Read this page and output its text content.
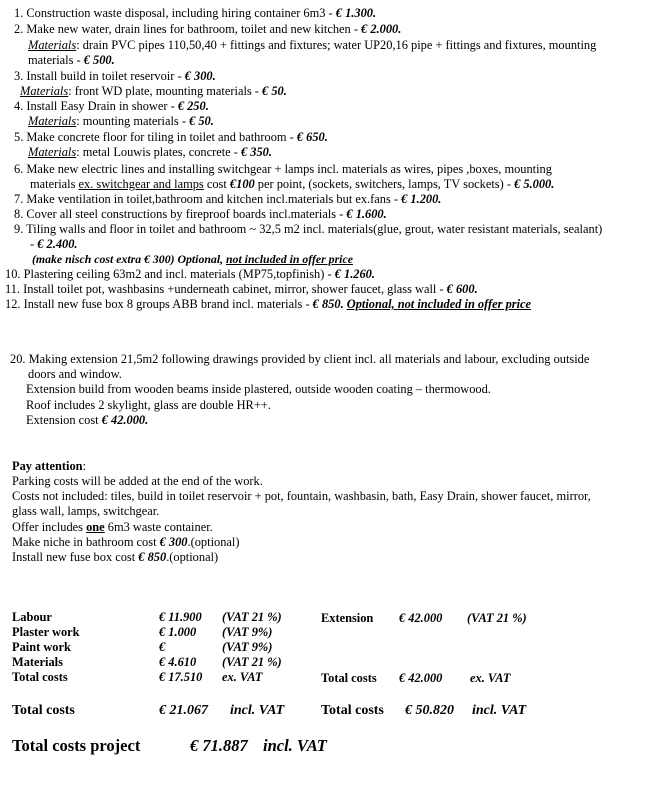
1. Construction waste disposal, including hiring container 6m3 - € 1.300.
2. Make new water, drain lines for bathroom, toilet and new kitchen - € 2.000.
Materials: drain PVC pipes 110,50,40 + fittings and fixtures; water UP20,16 pipe + fittings and fixtures, mounting
materials - € 500.
3. Install build in toilet reservoir - € 300.
Materials: front WD plate, mounting materials - € 50.
4. Install Easy Drain in shower - € 250.
Materials: mounting materials - € 50.
5. Make concrete floor for tiling in toilet and bathroom - € 650.
Materials: metal Louwis plates, concrete - € 350.
6. Make new electric lines and installing switchgear + lamps incl. materials as wires, pipes ,boxes, mounting
materials ex. switchgear and lamps cost €100 per point, (sockets, switchers, lamps, TV sockets) - € 5.000.
7. Make ventilation in toilet,bathroom and kitchen incl.materials but ex.fans - € 1.200.
8. Cover all steel constructions by fireproof boards incl.materials - € 1.600.
9. Tiling walls and floor in toilet and bathroom ~ 32,5 m2 incl. materials(glue, grout, water resistant materials, sealant)
- € 2.400.
(make nisch cost extra € 300) Optional, not included in offer price
10. Plastering ceiling 63m2 and incl. materials (MP75,topfinish) - € 1.260.
11. Install toilet pot, washbasins +underneath cabinet, mirror, shower faucet, glass wall - € 600.
12. Install new fuse box 8 groups ABB brand incl. materials - € 850. Optional, not included in offer price
20. Making extension 21,5m2 following drawings provided by client incl. all materials and labour, excluding outside
doors and window.
Extension build from wooden beams inside plastered, outside wooden coating – thermowood.
Roof includes 2 skylight, glass are double HR++.
Extension cost € 42.000.
Pay attention:
Parking costs will be added at the end of the work.
Costs not included: tiles, build in toilet reservoir + pot, fountain, washbasin, bath, Easy Drain, shower faucet, mirror,
glass wall, lamps, switchgear.
Offer includes one 6m3 waste container.
Make niche in bathroom cost € 300.(optional)
Install new fuse box cost € 850.(optional)
Labour	€ 11.900 (VAT 21 %)
Plaster work	€ 1.000 (VAT 9%)
Paint work	€	(VAT 9%)
Materials	€ 4.610 (VAT 21 %)
Total costs	€ 17.510 ex. VAT
Extension € 42.000 (VAT 21 %)
Total costs € 42.000 ex. VAT
Total costs	€ 21.067 incl. VAT	Total costs € 50.820 incl. VAT
Total costs project	€ 71.887 incl. VAT
